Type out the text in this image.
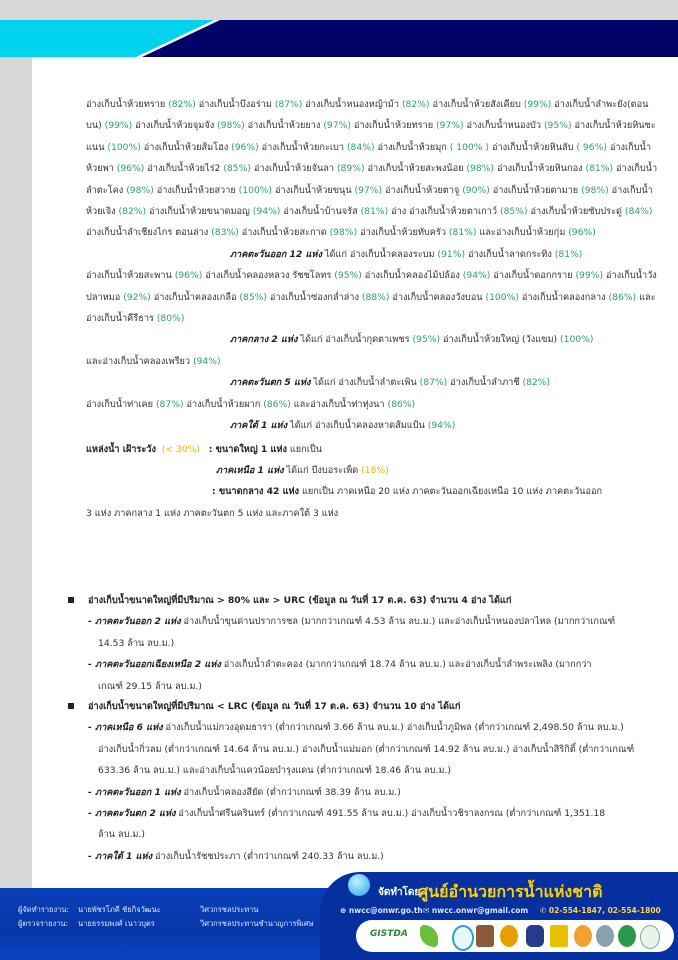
อ่างเก็บน้ำห้วยทราย (82%) อ่างเก็บน้ำบึงอร่าม (87%) อ่างเก็บน้ำหนองหญ้าม้า (82%) อ่างเก็บน้ำห้วยสังเคียบ (99%) อ่างเก็บน้ำลำพะยัง(ตอนบน) (99%) อ่างเก็บน้ำห้วยจุมจัง (98%) อ่างเก็บน้ำห้วยยาง (97%) อ่างเก็บน้ำห้วยทราย (97%) อ่างเก็บน้ำหนองบัว (95%) อ่างเก็บน้ำห้วยหินซะแนน (100%) อ่างเก็บน้ำห้วยส้มโฮง (96%) อ่างเก็บน้ำห้วยกะเบา (84%) อ่างเก็บน้ำห้วยมุก ( 100% ) อ่างเก็บน้ำห้วยหินลับ ( 96%) อ่างเก็บน้ำห้วยพา (96%) อ่างเก็บน้ำห้วยไร่2 (85%) อ่างเก็บน้ำห้วยจันลา (89%) อ่างเก็บน้ำห้วยสะพงน้อย (98%) อ่างเก็บน้ำห้วยหินกอง (81%) อ่างเก็บน้ำลำตะโคง (98%) อ่างเก็บน้ำห้วยสวาย (100%) อ่างเก็บน้ำห้วยขนุน (97%) อ่างเก็บน้ำห้วยตาจู (90%) อ่างเก็บน้ำห้วยตามาย (98%) อ่างเก็บน้ำห้วยเจิง (82%) อ่างเก็บน้ำห้วยขนาดมอญ (94%) อ่างเก็บน้ำบ้านจรัส (81%) อ่าง อ่างเก็บน้ำห้วยตาเกาว์ (85%) อ่างเก็บน้ำห้วยซับประดู่ (84%) อ่างเก็บน้ำลำเชียงไกร ตอนล่าง (83%) อ่างเก็บน้ำห้วยสะกาด (98%) อ่างเก็บน้ำห้วยทับครัว (81%) และอ่างเก็บน้ำห้วยกุ่ม (96%)

ภาคตะวันออก 12 แห่ง ได้แก่ อ่างเก็บน้ำคลองระบม (91%) อ่างเก็บน้ำลาดกระทิง (81%)

อ่างเก็บน้ำห้วยสะพาน (96%) อ่างเก็บน้ำคลองหลวง รัชชโลทร (95%) อ่างเก็บน้ำคลองไม้ปล้อง (94%) อ่างเก็บน้ำดอกกราย (99%) อ่างเก็บน้ำวังปลาหมอ (92%) อ่างเก็บน้ำคลองเกลือ (85%) อ่างเก็บน้ำซ่องกล่ำล่าง (88%) อ่างเก็บน้ำคลองวังบอน (100%) อ่างเก็บน้ำคลองกลาง (86%) และอ่างเก็บน้ำคีรีธาร (80%)

ภาคกลาง 2 แห่ง ได้แก่ อ่างเก็บน้ำกุดตาเพชร (95%) อ่างเก็บน้ำห้วยใหญ่ (วังแขม) (100%)

และอ่างเก็บน้ำคลองเพรียว (94%)

ภาคตะวันตก 5 แห่ง ได้แก่ อ่างเก็บน้ำลำตะเพิน (87%) อ่างเก็บน้ำลำภาชี (82%)

อ่างเก็บน้ำท่าเคย (87%) อ่างเก็บน้ำห้วยผาก (86%) และอ่างเก็บน้ำท่าทุ่งนา (86%)

ภาคใต้ 1 แห่ง ได้แก่ อ่างเก็บน้ำคลองหาดส้มแป้น (94%)

แหล่งน้ำ เฝ้าระวัง (< 30%) : ขนาดใหญ่ 1 แห่ง แยกเป็น

ภาคเหนือ 1 แห่ง ได้แก่ บึงบอระเพ็ด (18%)

: ขนาดกลาง 42 แห่ง แยกเป็น ภาคเหนือ 20 แห่ง ภาคตะวันออกเฉียงเหนือ 10 แห่ง ภาคตะวันออก

3 แห่ง ภาคกลาง 1 แห่ง ภาคตะวันตก 5 แห่ง และภาคใต้ 3 แห่ง

อ่างเก็บน้ำขนาดใหญ่ที่มีปริมาณ > 80% และ > URC (ข้อมูล ณ วันที่ 17 ต.ค. 63) จำนวน 4 อ่าง ได้แก่
- ภาคตะวันออก 2 แห่ง อ่างเก็บน้ำขุนด่านปราการชล (มากกว่าเกณฑ์ 4.53 ล้าน ลบ.ม.) และอ่างเก็บน้ำหนองปลาไหล (มากกว่าเกณฑ์
14.53 ล้าน ลบ.ม.)
- ภาคตะวันออกเฉียงเหนือ 2 แห่ง อ่างเก็บน้ำลำตะคอง (มากกว่าเกณฑ์ 18.74 ล้าน ลบ.ม.) และอ่างเก็บน้ำลำพระเพลิง (มากกว่า
เกณฑ์ 29.15 ล้าน ลบ.ม.)
อ่างเก็บน้ำขนาดใหญ่ที่มีปริมาณ < LRC (ข้อมูล ณ วันที่ 17 ต.ค. 63) จำนวน 10 อ่าง ได้แก่
- ภาคเหนือ 6 แห่ง อ่างเก็บน้ำแม่กวงอุดมธารา (ต่ำกว่าเกณฑ์ 3.66 ล้าน ลบ.ม.) อ่างเก็บน้ำภูมิพล (ต่ำกว่าเกณฑ์ 2,498.50 ล้าน ลบ.ม.)
อ่างเก็บน้ำกิ่วลม (ต่ำกว่าเกณฑ์ 14.64 ล้าน ลบ.ม.) อ่างเก็บน้ำแม่มอก (ต่ำกว่าเกณฑ์ 14.92 ล้าน ลบ.ม.) อ่างเก็บน้ำสิริกิติ์ (ต่ำกว่าเกณฑ์
633.36 ล้าน ลบ.ม.) และอ่างเก็บน้ำแควน้อยบำรุงแดน (ต่ำกว่าเกณฑ์ 18.46 ล้าน ลบ.ม.)
- ภาคตะวันออก 1 แห่ง อ่างเก็บน้ำคลองสียัด (ต่ำกว่าเกณฑ์ 38.39 ล้าน ลบ.ม.)
- ภาคตะวันตก 2 แห่ง อ่างเก็บน้ำศรีนครินทร์ (ต่ำกว่าเกณฑ์ 491.55 ล้าน ลบ.ม.) อ่างเก็บน้ำวชิราลงกรณ (ต่ำกว่าเกณฑ์ 1,351.18
ล้าน ลบ.ม.)
- ภาคใต้ 1 แห่ง อ่างเก็บน้ำรัชชประภา (ต่ำกว่าเกณฑ์ 240.33 ล้าน ลบ.ม.)
ผู้จัดทำรายงาน: นายพัชรโภคี ชัยกิจวัฒนะ	วิศวกรชลประทาน
ผู้ตรวจรายงาน: นายธรรมพงศ์ เนาวบุตร	วิศวกรชลประทานชำนาญการพิเศษ
จัดทำโดย :
ศูนย์อำนวยการน้ำแห่งชาติ
⊕ nwcc@onwr.go.th ✉ nwcc.onwr@gmail.com ✆ 02-554-1847, 02-554-1800
GISTDA
